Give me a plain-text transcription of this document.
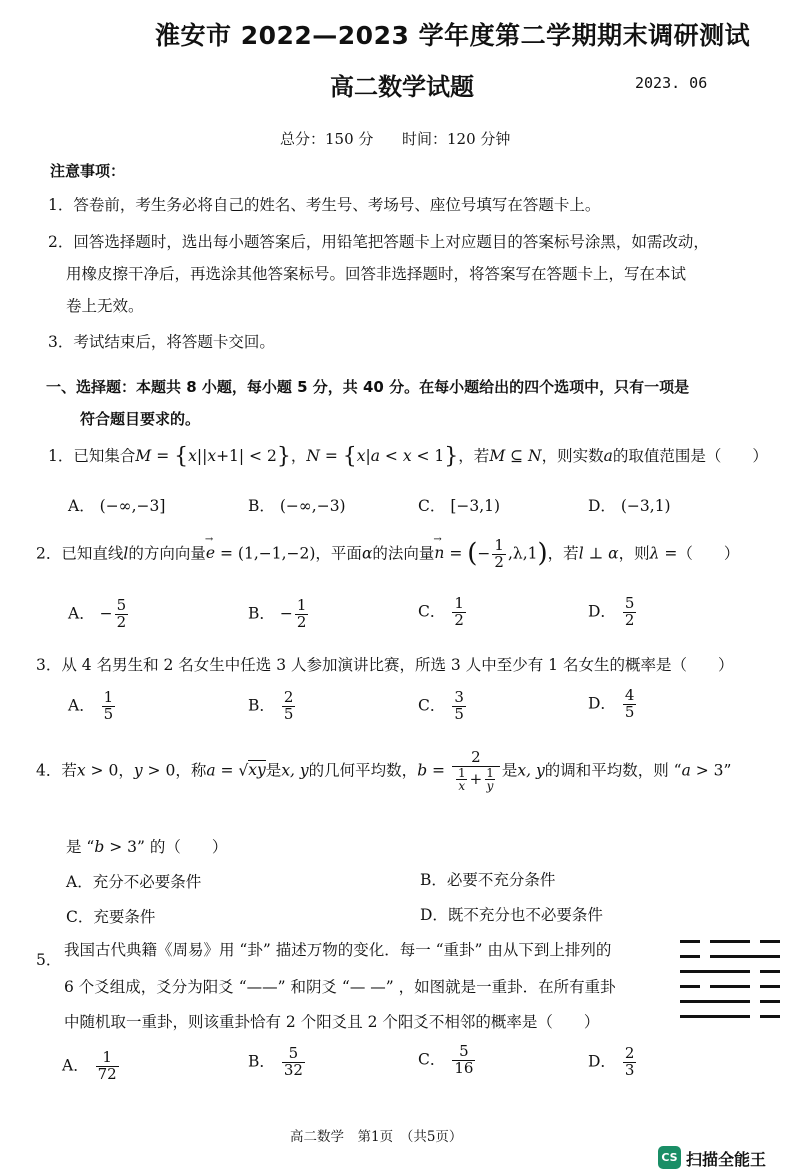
淮安市 2022—2023 学年度第二学期期末调研测试
高二数学试题	2023. 06
总分：150 分      时间：120 分钟
注意事项：
1．答卷前，考生务必将自己的姓名、考生号、考场号、座位号填写在答题卡上。
2．回答选择题时，选出每小题答案后，用铅笔把答题卡上对应题目的答案标号涂黑，如需改动，
用橡皮擦干净后，再选涂其他答案标号。回答非选择题时，将答案写在答题卡上，写在本试
卷上无效。
3．考试结束后，将答题卡交回。
一、选择题：本题共 8 小题，每小题 5 分，共 40 分。在每小题给出的四个选项中，只有一项是
符合题目要求的。
1．已知集合M = {x||x+1| < 2}，N = {x|a < x < 1}，若M ⊆ N，则实数a的取值范围是（　　）
A． (−∞,−3]	B． (−∞,−3)	C． [−3,1)	D． (−3,1)
2．已知直线l的方向向量→ e = (1,−1,−2)，平面α的法向量→ n = (− $\frac{1}{2} ,\lambda,1$)，若l ⊥ α，则λ =（　　）
A． − $\frac{5}{2}$	B． − $\frac{1}{2}$	C． $\frac{1}{2}$	D． $\frac{5}{2}$
3．从 4 名男生和 2 名女生中任选 3 人参加演讲比赛，所选 3 人中至少有 1 名女生的概率是（　　）
A． $\frac{1}{5}$	B． $\frac{2}{5}$	C． $\frac{3}{5}$	D． $\frac{4}{5}$
4．若x > 0，y > 0，称a = √xy是x, y的几何平均数，$b = \frac{2}{\frac{1}{x} + \frac{1}{y}}$ 是x, y的调和平均数，则 “a > 3”
是 “b > 3” 的（　　）
A．充分不必要条件	B．必要不充分条件
C．充要条件	D．既不充分也不必要条件
5．
我国古代典籍《周易》用 “卦” 描述万物的变化．每一 “重卦” 由从下到上排列的
6 个爻组成，爻分为阳爻 “——” 和阴爻 “— —” ，如图就是一重卦．在所有重卦
中随机取一重卦，则该重卦恰有 2 个阳爻且 2 个阳爻不相邻的概率是（　　）
A． $\frac{1}{72}$	B． $\frac{5}{32}$	C． $\frac{5}{16}$	D． $\frac{2}{3}$
高二数学　第1页　（共5页）
CS 扫描全能王
